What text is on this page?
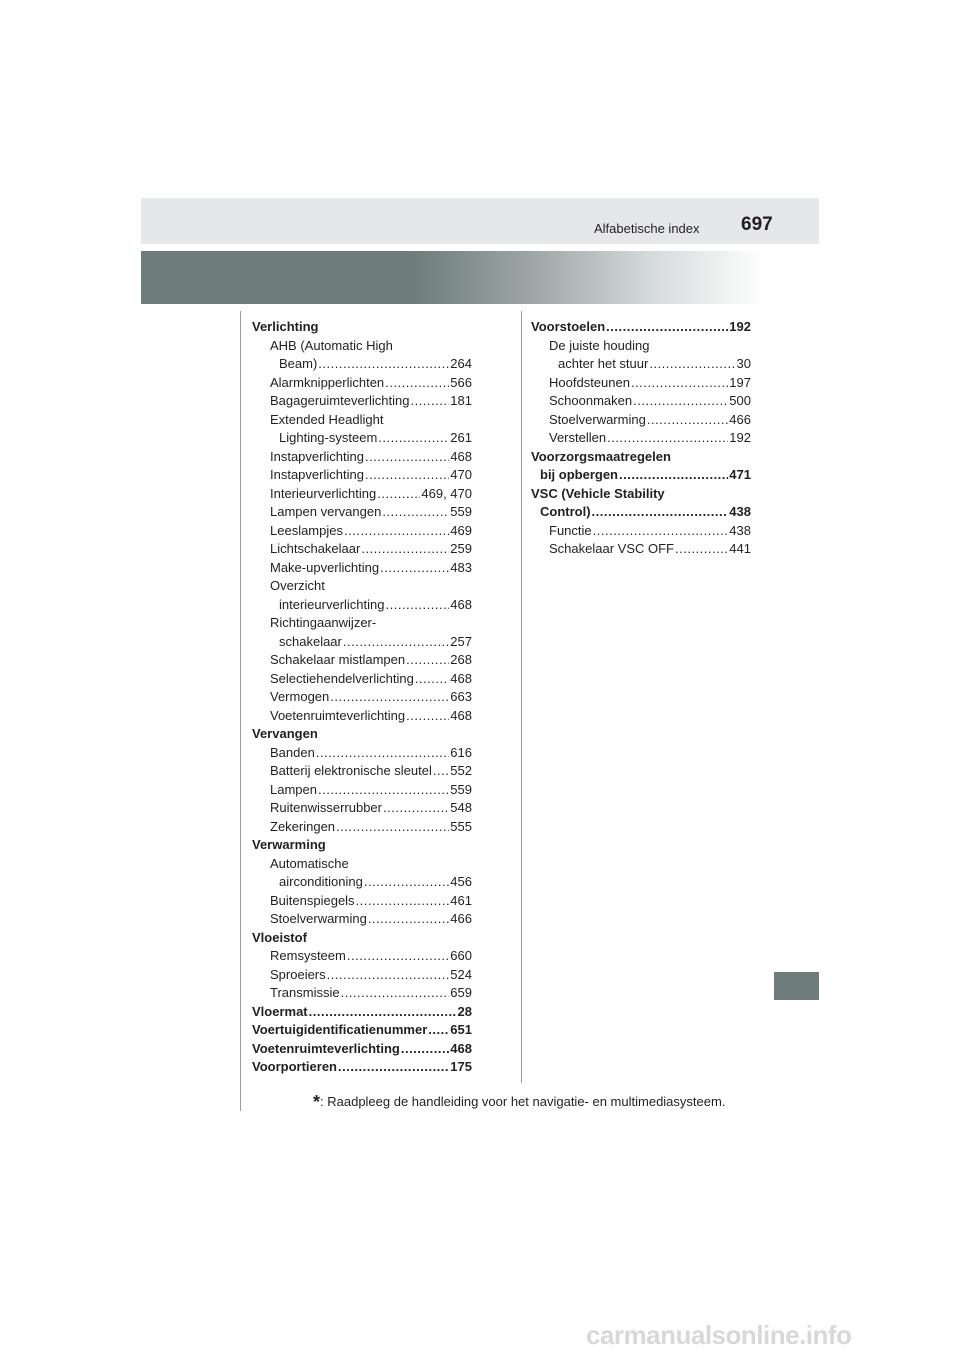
Alfabetische index 697
Verlichting
AHB (Automatic High
Beam) .....	264
Alarmknipperlichten .....	566
Bagageruimteverlichting .....	181
Extended Headlight
Lighting-systeem .....	261
Instapverlichting .....	468
Instapverlichting .....	470
Interieurverlichting .....	469, 470
Lampen vervangen .....	559
Leeslampjes .....	469
Lichtschakelaar .....	259
Make-upverlichting .....	483
Overzicht
interieurverlichting .....	468
Richtingaanwijzer-
schakelaar .....	257
Schakelaar mistlampen .....	268
Selectiehendelverlichting .....	468
Vermogen .....	663
Voetenruimteverlichting .....	468
Vervangen
Banden .....	616
Batterij elektronische sleutel ..... 552
Lampen .....	559
Ruitenwisserrubber .....	548
Zekeringen .....	555
Verwarming
Automatische
airconditioning .....	456
Buitenspiegels .....	461
Stoelverwarming .....	466
Vloeistof
Remsysteem .....	660
Sproeiers .....	524
Transmissie .....	659
Vloermat .....	28
Voertuigidentificatienummer ..... 651
Voetenruimteverlichting .....	468
Voorportieren .....	175
Voorstoelen .....	192
De juiste houding
achter het stuur .....	30
Hoofdsteunen .....	197
Schoonmaken .....	500
Stoelverwarming .....	466
Verstellen .....	192
Voorzorgsmaatregelen
bij opbergen .....	471
VSC (Vehicle Stability
Control) .....	438
Functie .....	438
Schakelaar VSC OFF .....	441
*: Raadpleeg de handleiding voor het navigatie- en multimediasysteem.
carmanualsonline.info
